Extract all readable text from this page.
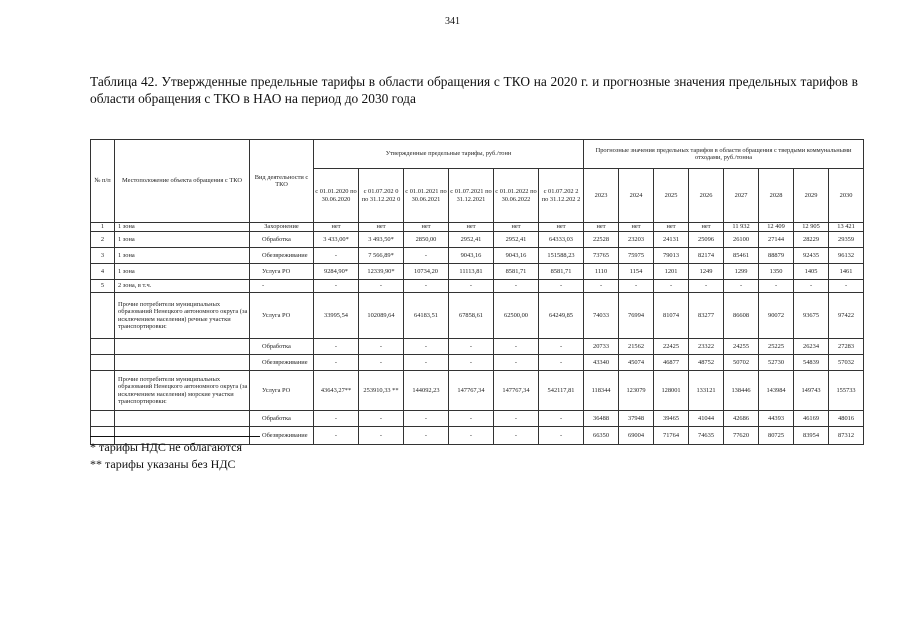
341
Таблица 42. Утвержденные предельные тарифы в области обращения с ТКО на 2020 г. и прогнозные значения предельных тарифов в области обращения с ТКО в НАО на период до 2030 года
№ п/п	Местоположение объекта обращения с ТКО	Вид деятельности с ТКО	Утвержденные предельные тарифы, руб./тонн						Прогнозные значения предельных тарифов в области обращения с твердыми коммунальными отходами, руб./тонна							
			с 01.01.2020 по 30.06.2020	с 01.07.202 0 по 31.12.202 0	с 01.01.2021 по 30.06.2021	с 01.07.2021 по 31.12.2021	с 01.01.2022 по 30.06.2022	с 01.07.202 2 по 31.12.202 2	2023	2024	2025	2026	2027	2028	2029	2030
1	1 зона	Захоронение	нет	нет	нет	нет	нет	нет	нет	нет	нет	нет	11 932	12 409	12 905	13 421
2	1 зона	Обработка	3 433,00*	3 493,50*	2850,00	2952,41	2952,41	64333,03	22528	23203	24131	25096	26100	27144	28229	29359
3	1 зона	Обезвреживание	-	7 566,89*	-	9043,16	9043,16	151588,23	73765	75975	79013	82174	85461	88879	92435	96132
4	1 зона	Услуга РО	9284,90*	12339,90*	10734,20	11113,81	8581,71	8581,71	1110	1154	1201	1249	1299	1350	1405	1461
5	2 зона, в т.ч.	-	-	-	-	-	-	-	-	-	-	-	-	-	-	-
	Прочие потребители муниципальных образований Ненецкого автономного округа (за исключением населения) речные участки транспортировки:	Услуга РО	33995,54	102089,64	64183,51	67858,61	62500,00	64249,85	74033	76994	81074	83277	86608	90072	93675	97422
		Обработка	-	-	-	-	-	-	20733	21562	22425	23322	24255	25225	26234	27283
		Обезвреживание	-	-	-	-	-	-	43340	45074	46877	48752	50702	52730	54839	57032
	Прочие потребители муниципальных образований Ненецкого автономного округа (за исключением населения) морские участки транспортировки:	Услуга РО	43643,27**	253910,33 **	144092,23	147767,34	147767,34	542117,81	118344	123079	128001	133121	138446	143984	149743	155733
		Обработка	-	-	-	-	-	-	36488	37948	39465	41044	42686	44393	46169	48016
		Обезвреживание	-	-	-	-	-	-	66350	69004	71764	74635	77620	80725	83954	87312
* тарифы НДС не облагаются
** тарифы указаны без НДС
